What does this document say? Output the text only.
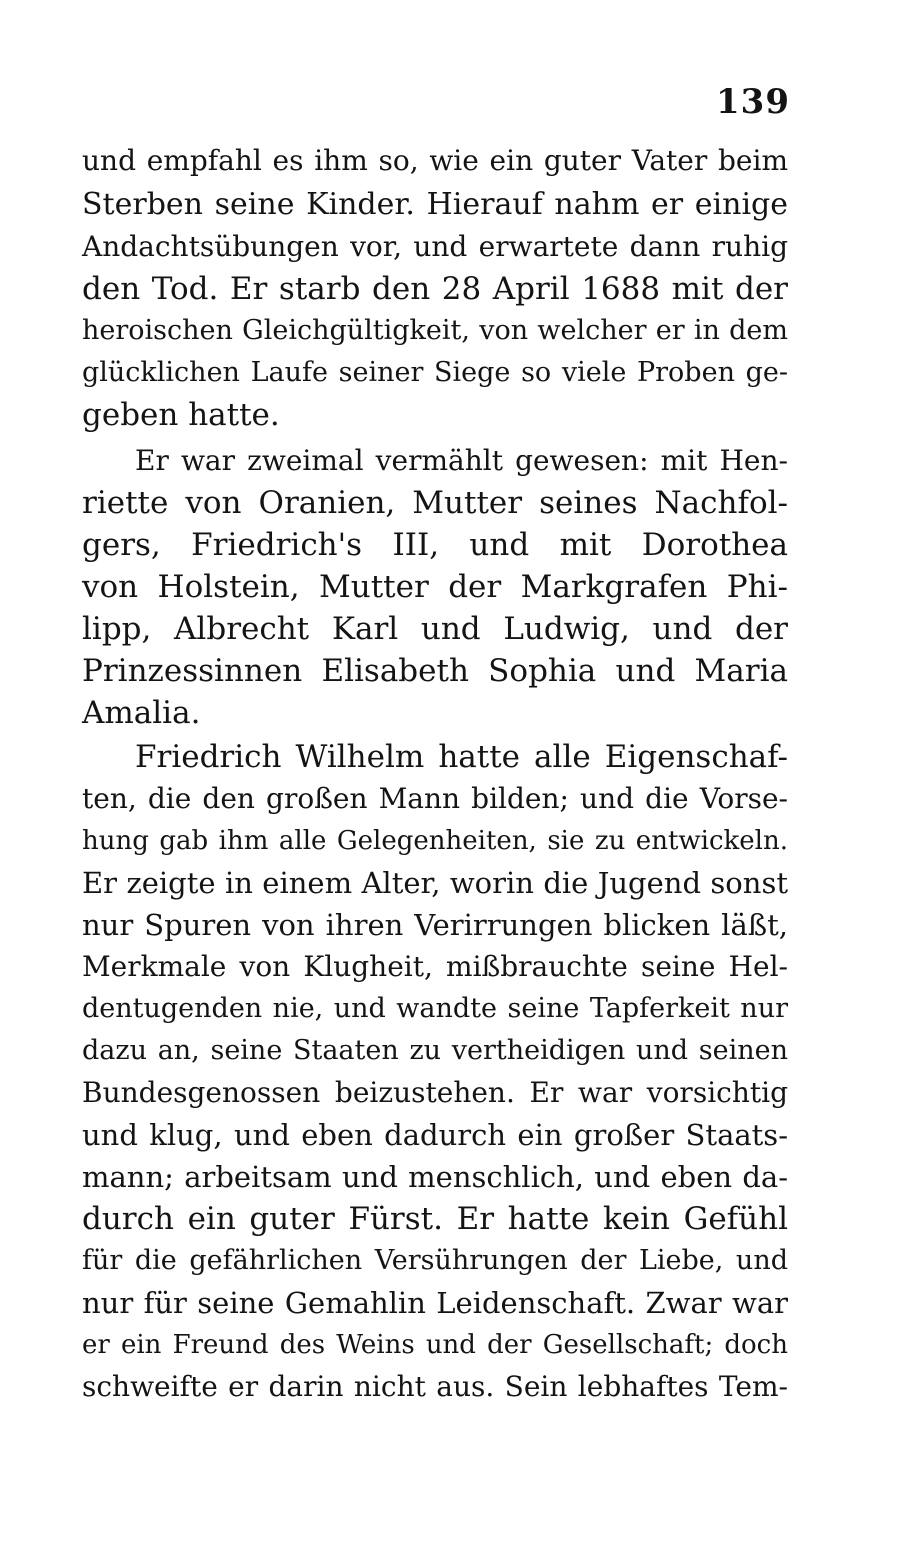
139
und empfahl es ihm so, wie ein guter Vater beim
Sterben seine Kinder. Hierauf nahm er einige
Andachtsübungen vor, und erwartete dann ruhig
den Tod. Er starb den 28 April 1688 mit der
heroischen Gleichgültigkeit, von welcher er in dem
glücklichen Laufe seiner Siege so viele Proben ge-
geben hatte.
Er war zweimal vermählt gewesen: mit Hen-
riette von Oranien, Mutter seines Nachfol-
gers, Friedrich's III, und mit Dorothea
von Holstein, Mutter der Markgrafen Phi-
lipp, Albrecht Karl und Ludwig, und der
Prinzessinnen Elisabeth Sophia und Maria
Amalia.
Friedrich Wilhelm hatte alle Eigenschaf-
ten, die den großen Mann bilden; und die Vorse-
hung gab ihm alle Gelegenheiten, sie zu entwickeln.
Er zeigte in einem Alter, worin die Jugend sonst
nur Spuren von ihren Verirrungen blicken läßt,
Merkmale von Klugheit, mißbrauchte seine Hel-
dentugenden nie, und wandte seine Tapferkeit nur
dazu an, seine Staaten zu vertheidigen und seinen
Bundesgenossen beizustehen. Er war vorsichtig
und klug, und eben dadurch ein großer Staats-
mann; arbeitsam und menschlich, und eben da-
durch ein guter Fürst. Er hatte kein Gefühl
für die gefährlichen Versührungen der Liebe, und
nur für seine Gemahlin Leidenschaft. Zwar war
er ein Freund des Weins und der Gesellschaft; doch
schweifte er darin nicht aus. Sein lebhaftes Tem-
